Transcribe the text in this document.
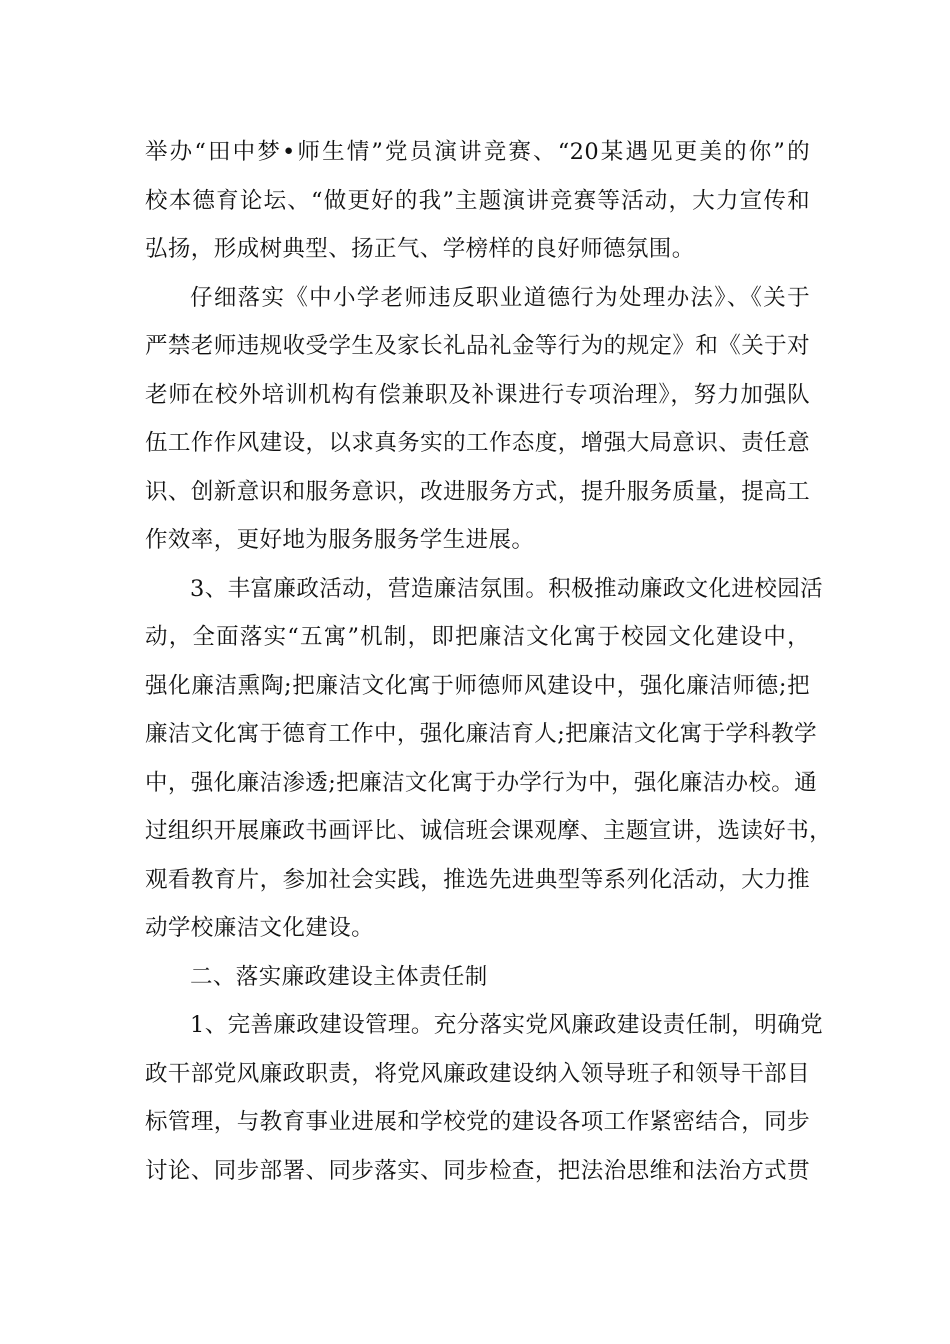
举办“田中梦•师生情”党员演讲竞赛、“20某遇见更美的你”的
校本德育论坛、“做更好的我”主题演讲竞赛等活动，大力宣传和
弘扬，形成树典型、扬正气、学榜样的良好师德氛围。
仔细落实《中小学老师违反职业道德行为处理办法》、《关于
严禁老师违规收受学生及家长礼品礼金等行为的规定》和《关于对
老师在校外培训机构有偿兼职及补课进行专项治理》，努力加强队
伍工作作风建设，以求真务实的工作态度，增强大局意识、责任意
识、创新意识和服务意识，改进服务方式，提升服务质量，提高工
作效率，更好地为服务服务学生进展。
3、丰富廉政活动，营造廉洁氛围。积极推动廉政文化进校园活
动，全面落实“五寓”机制，即把廉洁文化寓于校园文化建设中，
强化廉洁熏陶;把廉洁文化寓于师德师风建设中，强化廉洁师德;把
廉洁文化寓于德育工作中，强化廉洁育人;把廉洁文化寓于学科教学
中，强化廉洁渗透;把廉洁文化寓于办学行为中，强化廉洁办校。通
过组织开展廉政书画评比、诚信班会课观摩、主题宣讲，选读好书，
观看教育片，参加社会实践，推选先进典型等系列化活动，大力推
动学校廉洁文化建设。
二、落实廉政建设主体责任制
1、完善廉政建设管理。充分落实党风廉政建设责任制，明确党
政干部党风廉政职责，将党风廉政建设纳入领导班子和领导干部目
标管理，与教育事业进展和学校党的建设各项工作紧密结合，同步
讨论、同步部署、同步落实、同步检查，把法治思维和法治方式贯
